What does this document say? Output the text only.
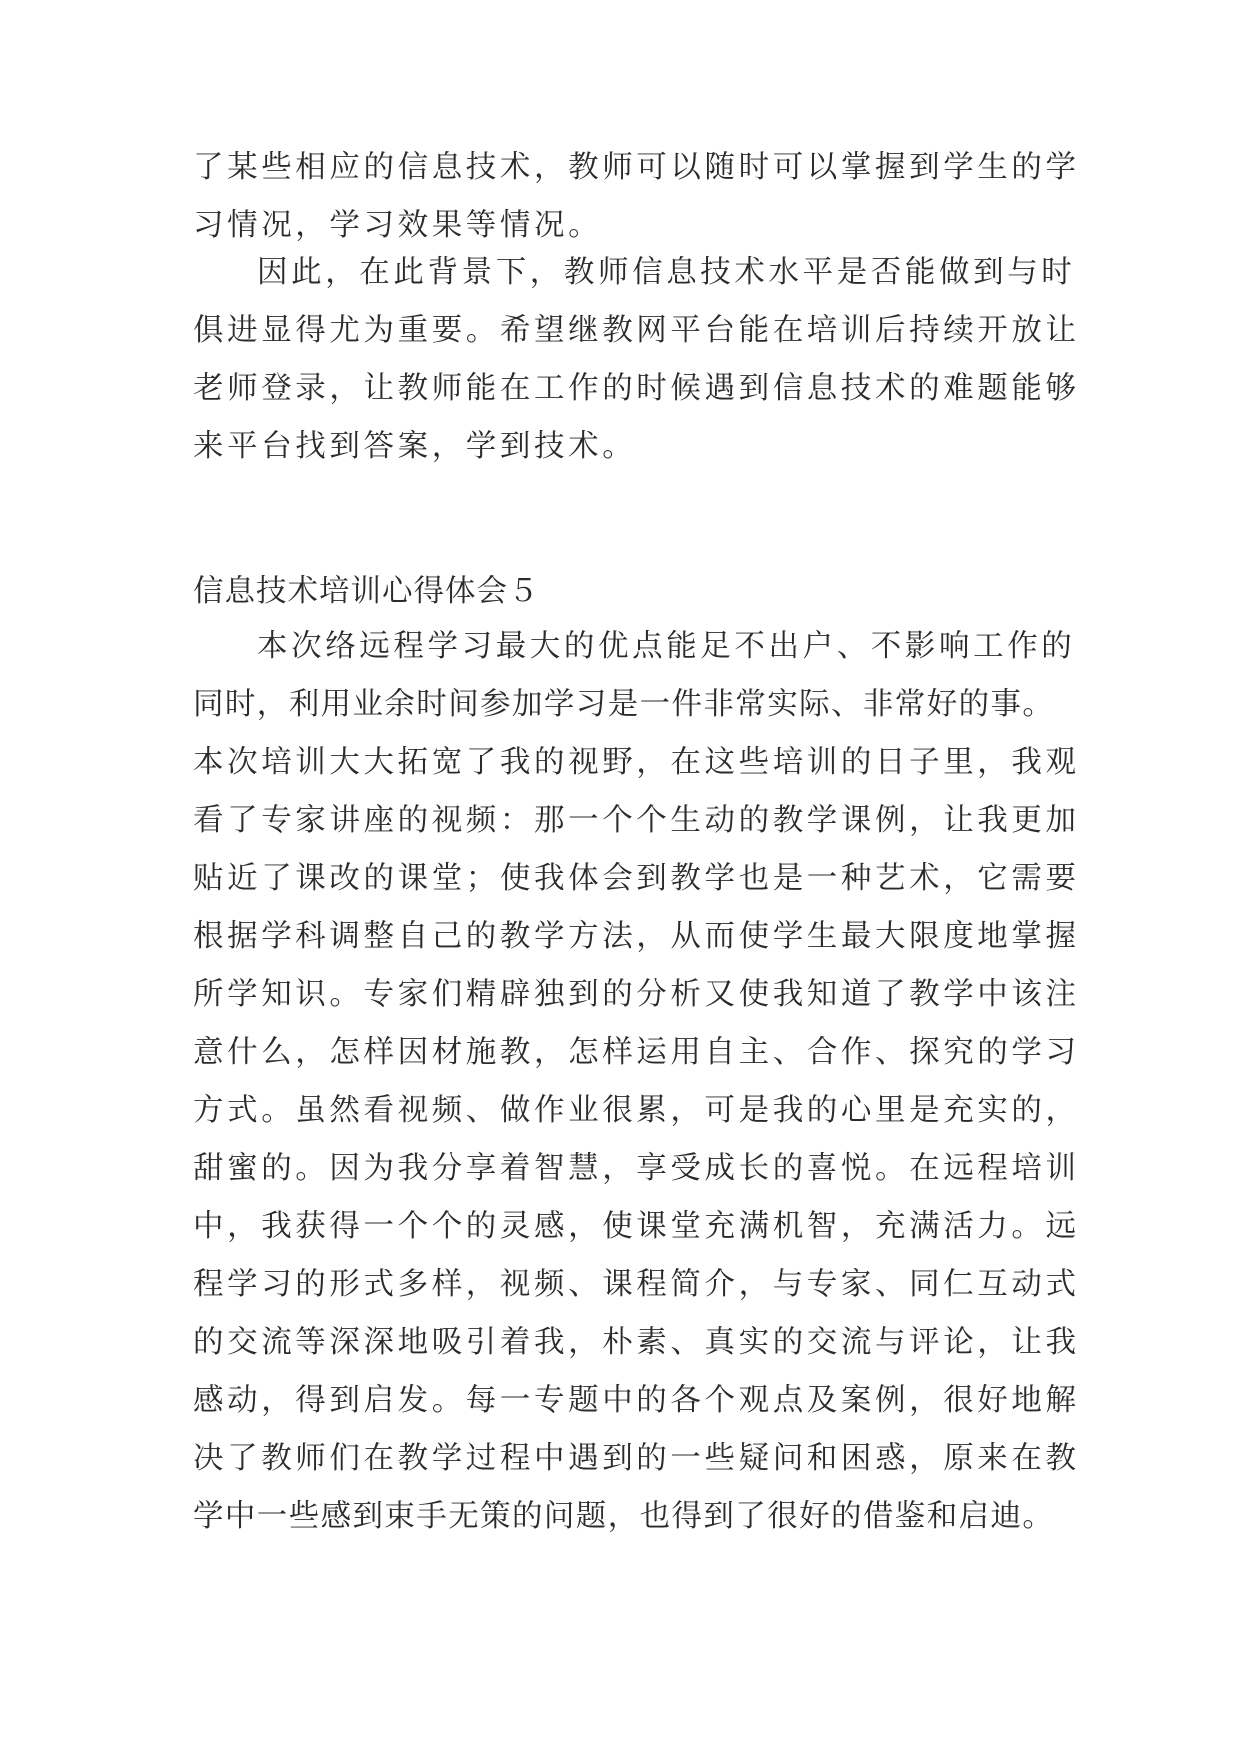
了某些相应的信息技术，教师可以随时可以掌握到学生的学
习情况，学习效果等情况。
因此，在此背景下，教师信息技术水平是否能做到与时
俱进显得尤为重要。希望继教网平台能在培训后持续开放让
老师登录，让教师能在工作的时候遇到信息技术的难题能够
来平台找到答案，学到技术。
信息技术培训心得体会５
本次络远程学习最大的优点能足不出户、不影响工作的
同时，利用业余时间参加学习是一件非常实际、非常好的事。
本次培训大大拓宽了我的视野，在这些培训的日子里，我观
看了专家讲座的视频：那一个个生动的教学课例，让我更加
贴近了课改的课堂；使我体会到教学也是一种艺术，它需要
根据学科调整自己的教学方法，从而使学生最大限度地掌握
所学知识。专家们精辟独到的分析又使我知道了教学中该注
意什么，怎样因材施教，怎样运用自主、合作、探究的学习
方式。虽然看视频、做作业很累，可是我的心里是充实的，
甜蜜的。因为我分享着智慧，享受成长的喜悦。在远程培训
中，我获得一个个的灵感，使课堂充满机智，充满活力。远
程学习的形式多样，视频、课程简介，与专家、同仁互动式
的交流等深深地吸引着我，朴素、真实的交流与评论，让我
感动，得到启发。每一专题中的各个观点及案例，很好地解
决了教师们在教学过程中遇到的一些疑问和困惑，原来在教
学中一些感到束手无策的问题，也得到了很好的借鉴和启迪。
